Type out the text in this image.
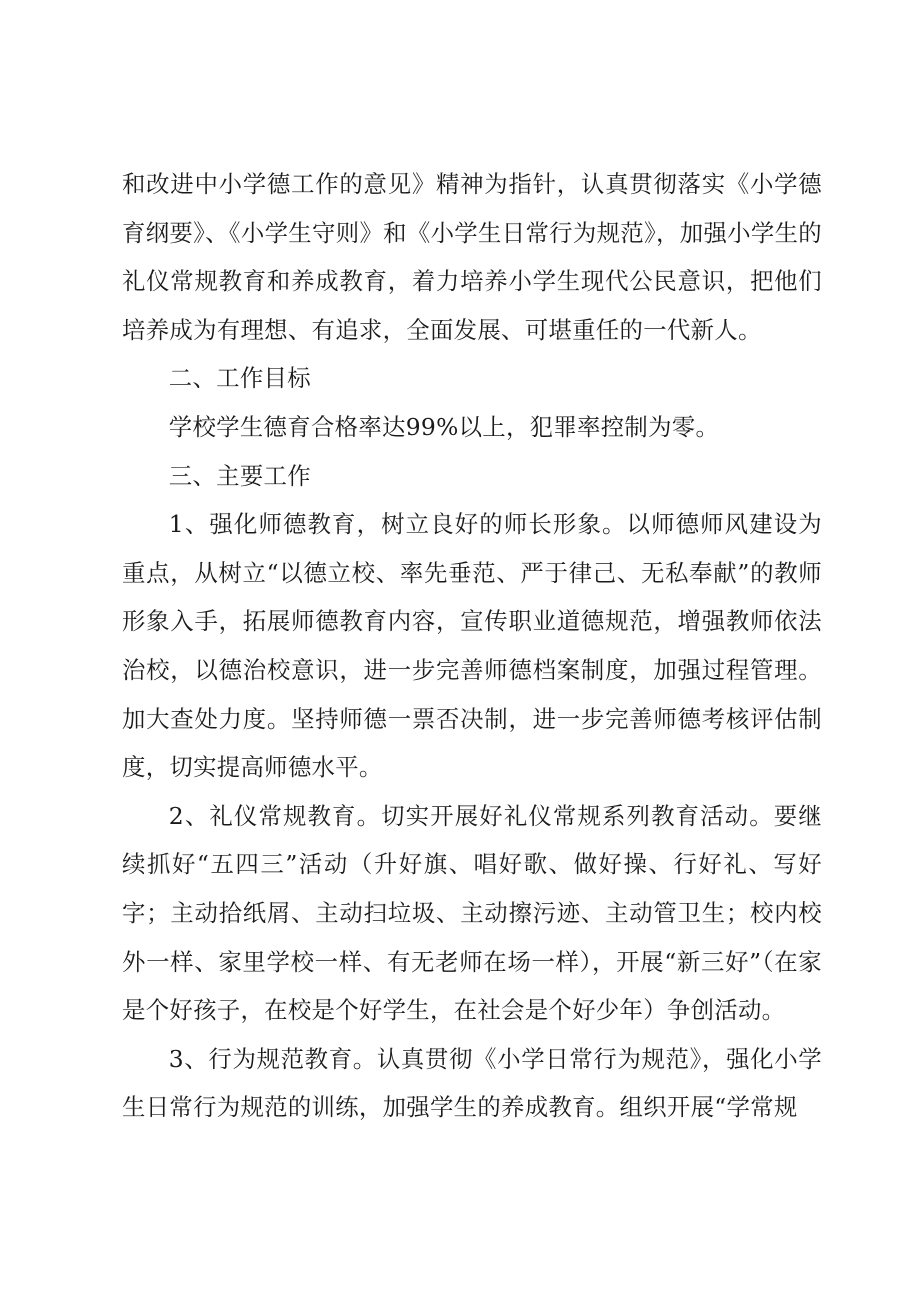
和改进中小学德工作的意见》精神为指针，认真贯彻落实《小学德育纲要》、《小学生守则》和《小学生日常行为规范》，加强小学生的礼仪常规教育和养成教育，着力培养小学生现代公民意识，把他们培养成为有理想、有追求，全面发展、可堪重任的一代新人。

二、工作目标

学校学生德育合格率达99%以上，犯罪率控制为零。

三、主要工作

1、强化师德教育，树立良好的师长形象。以师德师风建设为重点，从树立“以德立校、率先垂范、严于律己、无私奉献”的教师形象入手，拓展师德教育内容，宣传职业道德规范，增强教师依法治校，以德治校意识，进一步完善师德档案制度，加强过程管理。加大查处力度。坚持师德一票否决制，进一步完善师德考核评估制度，切实提高师德水平。

2、礼仪常规教育。切实开展好礼仪常规系列教育活动。要继续抓好“五四三”活动（升好旗、唱好歌、做好操、行好礼、写好字；主动拾纸屑、主动扫垃圾、主动擦污迹、主动管卫生；校内校外一样、家里学校一样、有无老师在场一样），开展“新三好”（在家是个好孩子，在校是个好学生，在社会是个好少年）争创活动。

3、行为规范教育。认真贯彻《小学日常行为规范》，强化小学生日常行为规范的训练，加强学生的养成教育。组织开展“学常规
